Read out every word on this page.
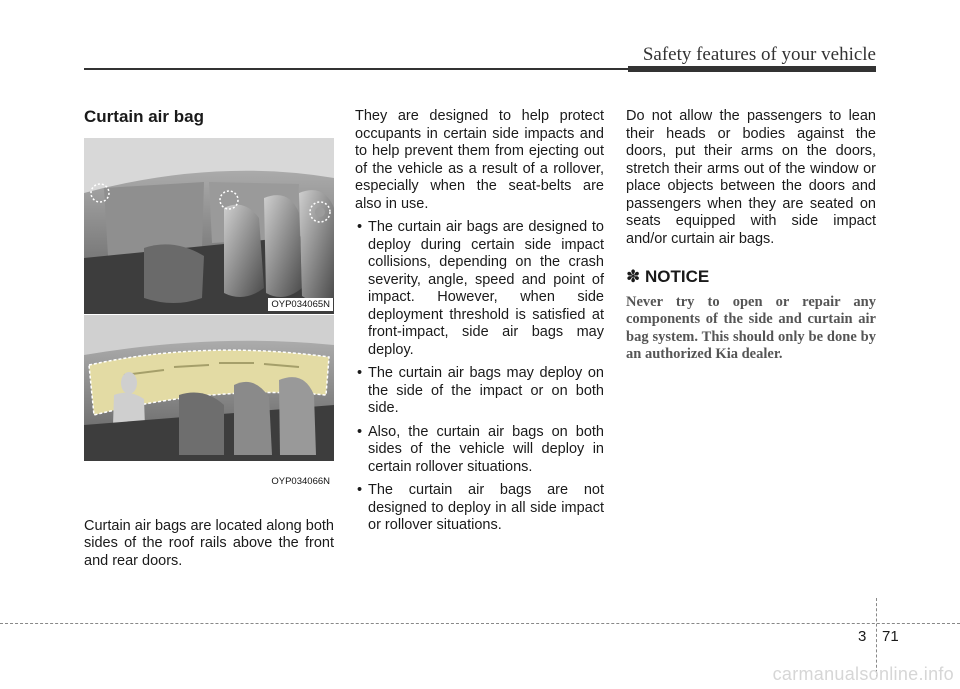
Safety features of your vehicle
Curtain air bag
OYP034065N
OYP034066N

Curtain air bags are located along both sides of the roof rails above the front and rear doors.

They are designed to help protect occupants in certain side impacts and to help prevent them from ejecting out of the vehicle as a result of a rollover, especially when the seat-belts are also in use.

• The curtain air bags are designed to deploy during certain side impact collisions, depending on the crash severity, angle, speed and point of impact. However, when side deployment threshold is satisfied at front-impact, side air bags may deploy.
• The curtain air bags may deploy on the side of the impact or on both side.
• Also, the curtain air bags on both sides of the vehicle will deploy in certain rollover situations.
• The curtain air bags are not designed to deploy in all side impact or rollover situations.

Do not allow the passengers to lean their heads or bodies against the doors, put their arms on the doors, stretch their arms out of the window or place objects between the doors and passengers when they are seated on seats equipped with side impact and/or curtain air bags.

✽ NOTICE

Never try to open or repair any components of the side and curtain air bag system. This should only be done by an authorized Kia dealer.

3 71
carmanualsonline.info
